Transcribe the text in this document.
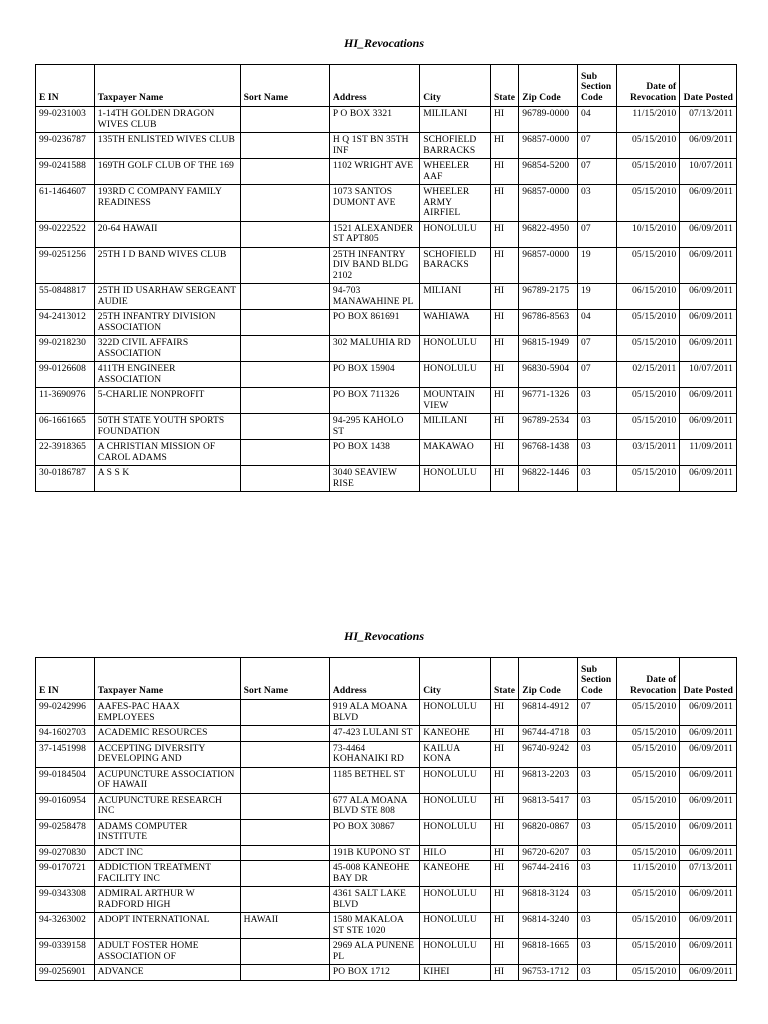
HI_Revocations
E IN	Taxpayer Name	Sort Name	Address	City	State	Zip Code	Sub Section Code	Date of Revocation	Date Posted
99-0231003	1-14TH GOLDEN DRAGON WIVES CLUB		P O BOX 3321	MILILANI	HI	96789-0000	04	11/15/2010	07/13/2011
99-0236787	135TH ENLISTED WIVES CLUB		H Q 1ST BN 35TH INF	SCHOFIELD BARRACKS	HI	96857-0000	07	05/15/2010	06/09/2011
99-0241588	169TH GOLF CLUB OF THE 169		1102 WRIGHT AVE	WHEELER AAF	HI	96854-5200	07	05/15/2010	10/07/2011
61-1464607	193RD C COMPANY FAMILY READINESS		1073 SANTOS DUMONT AVE	WHEELER ARMY AIRFIEL	HI	96857-0000	03	05/15/2010	06/09/2011
99-0222522	20-64 HAWAII		1521 ALEXANDER ST APT805	HONOLULU	HI	96822-4950	07	10/15/2010	06/09/2011
99-0251256	25TH I D BAND WIVES CLUB		25TH INFANTRY DIV BAND BLDG 2102	SCHOFIELD BARACKS	HI	96857-0000	19	05/15/2010	06/09/2011
55-0848817	25TH ID USARHAW SERGEANT AUDIE		94-703 MANAWAHINE PL	MILIANI	HI	96789-2175	19	06/15/2010	06/09/2011
94-2413012	25TH INFANTRY DIVISION ASSOCIATION		PO BOX 861691	WAHIAWA	HI	96786-8563	04	05/15/2010	06/09/2011
99-0218230	322D CIVIL AFFAIRS ASSOCIATION		302 MALUHIA RD	HONOLULU	HI	96815-1949	07	05/15/2010	06/09/2011
99-0126608	411TH ENGINEER ASSOCIATION		PO BOX 15904	HONOLULU	HI	96830-5904	07	02/15/2011	10/07/2011
11-3690976	5-CHARLIE NONPROFIT		PO BOX 711326	MOUNTAIN VIEW	HI	96771-1326	03	05/15/2010	06/09/2011
06-1661665	50TH STATE YOUTH SPORTS FOUNDATION		94-295 KAHOLO ST	MILILANI	HI	96789-2534	03	05/15/2010	06/09/2011
22-3918365	A CHRISTIAN MISSION OF CAROL ADAMS		PO BOX 1438	MAKAWAO	HI	96768-1438	03	03/15/2011	11/09/2011
30-0186787	A S S K		3040 SEAVIEW RISE	HONOLULU	HI	96822-1446	03	05/15/2010	06/09/2011
HI_Revocations
E IN	Taxpayer Name	Sort Name	Address	City	State	Zip Code	Sub Section Code	Date of Revocation	Date Posted
99-0242996	AAFES-PAC HAAX EMPLOYEES		919 ALA MOANA BLVD	HONOLULU	HI	96814-4912	07	05/15/2010	06/09/2011
94-1602703	ACADEMIC RESOURCES		47-423 LULANI ST	KANEOHE	HI	96744-4718	03	05/15/2010	06/09/2011
37-1451998	ACCEPTING DIVERSITY DEVELOPING AND		73-4464 KOHANAIKI RD	KAILUA KONA	HI	96740-9242	03	05/15/2010	06/09/2011
99-0184504	ACUPUNCTURE ASSOCIATION OF HAWAII		1185 BETHEL ST	HONOLULU	HI	96813-2203	03	05/15/2010	06/09/2011
99-0160954	ACUPUNCTURE RESEARCH INC		677 ALA MOANA BLVD STE 808	HONOLULU	HI	96813-5417	03	05/15/2010	06/09/2011
99-0258478	ADAMS COMPUTER INSTITUTE		PO BOX 30867	HONOLULU	HI	96820-0867	03	05/15/2010	06/09/2011
99-0270830	ADCT INC		191B KUPONO ST	HILO	HI	96720-6207	03	05/15/2010	06/09/2011
99-0170721	ADDICTION TREATMENT FACILITY INC		45-008 KANEOHE BAY DR	KANEOHE	HI	96744-2416	03	11/15/2010	07/13/2011
99-0343308	ADMIRAL ARTHUR W RADFORD HIGH		4361 SALT LAKE BLVD	HONOLULU	HI	96818-3124	03	05/15/2010	06/09/2011
94-3263002	ADOPT INTERNATIONAL	HAWAII	1580 MAKALOA ST STE 1020	HONOLULU	HI	96814-3240	03	05/15/2010	06/09/2011
99-0339158	ADULT FOSTER HOME ASSOCIATION OF		2969 ALA PUNENE PL	HONOLULU	HI	96818-1665	03	05/15/2010	06/09/2011
99-0256901	ADVANCE		PO BOX 1712	KIHEI	HI	96753-1712	03	05/15/2010	06/09/2011
